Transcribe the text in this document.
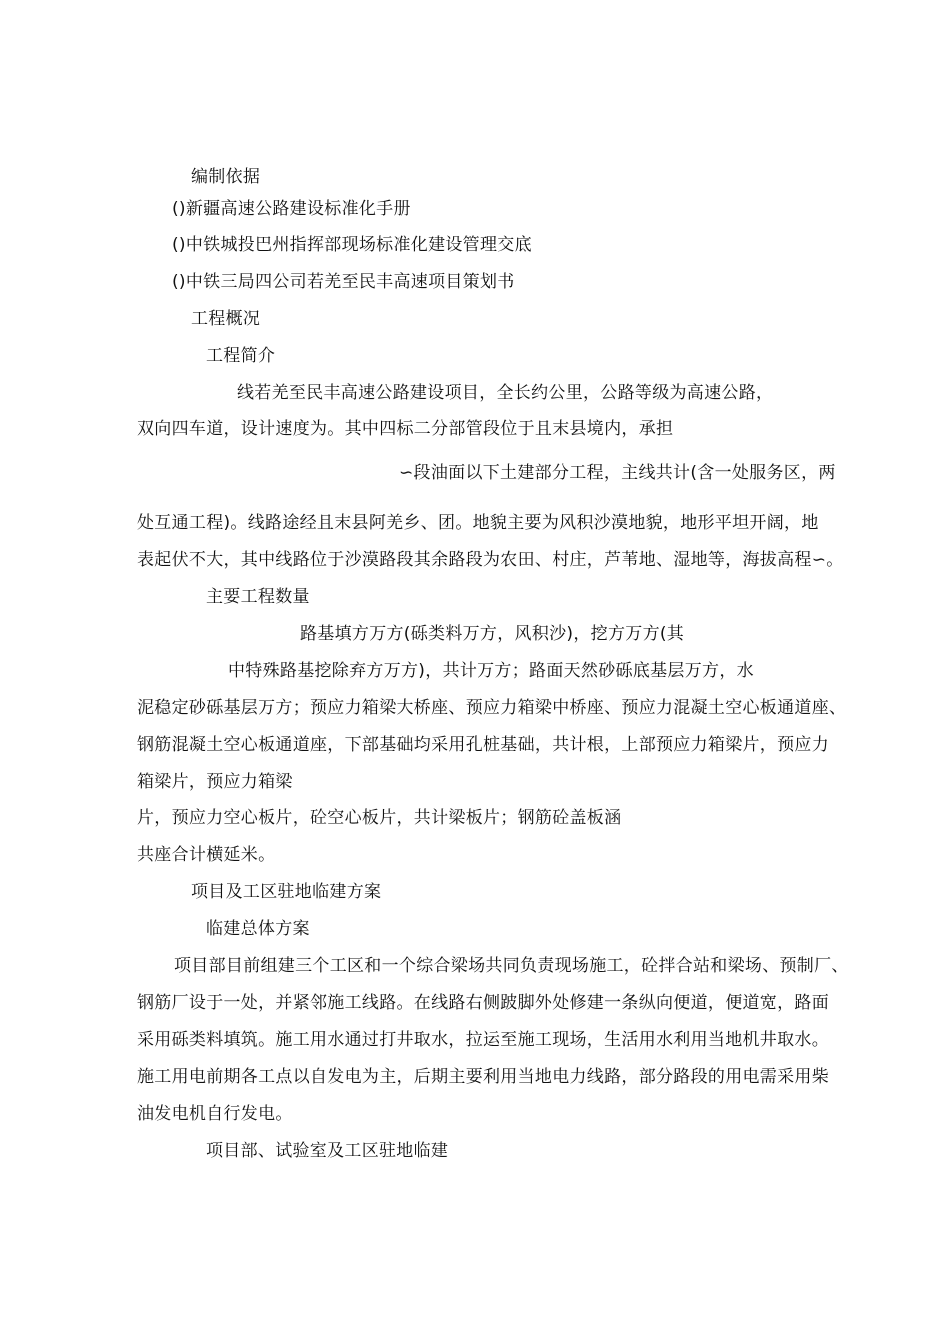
编制依据
()新疆高速公路建设标准化手册
()中铁城投巴州指挥部现场标准化建设管理交底
()中铁三局四公司若羌至民丰高速项目策划书
工程概况
工程简介
线若羌至民丰高速公路建设项目，全长约公里，公路等级为高速公路，
双向四车道，设计速度为。其中四标二分部管段位于且末县境内，承担
∽段油面以下土建部分工程，主线共计(含一处服务区，两
处互通工程)。线路途经且末县阿羌乡、团。地貌主要为风积沙漠地貌，地形平坦开阔，地
表起伏不大，其中线路位于沙漠路段其余路段为农田、村庄，芦苇地、湿地等，海拔高程∽。
主要工程数量
路基填方万方(砾类料万方，风积沙)，挖方万方(其
中特殊路基挖除弃方万方)，共计万方；路面天然砂砾底基层万方，水
泥稳定砂砾基层万方；预应力箱梁大桥座、预应力箱梁中桥座、预应力混凝土空心板通道座、
钢筋混凝土空心板通道座，下部基础均采用孔桩基础，共计根，上部预应力箱梁片，预应力
箱梁片，预应力箱梁
片，预应力空心板片，砼空心板片，共计梁板片；钢筋砼盖板涵
共座合计横延米。
项目及工区驻地临建方案
临建总体方案
项目部目前组建三个工区和一个综合梁场共同负责现场施工，砼拌合站和梁场、预制厂、
钢筋厂设于一处，并紧邻施工线路。在线路右侧跛脚外处修建一条纵向便道，便道宽，路面
采用砾类料填筑。施工用水通过打井取水，拉运至施工现场，生活用水利用当地机井取水。
施工用电前期各工点以自发电为主，后期主要利用当地电力线路，部分路段的用电需采用柴
油发电机自行发电。
项目部、试验室及工区驻地临建
